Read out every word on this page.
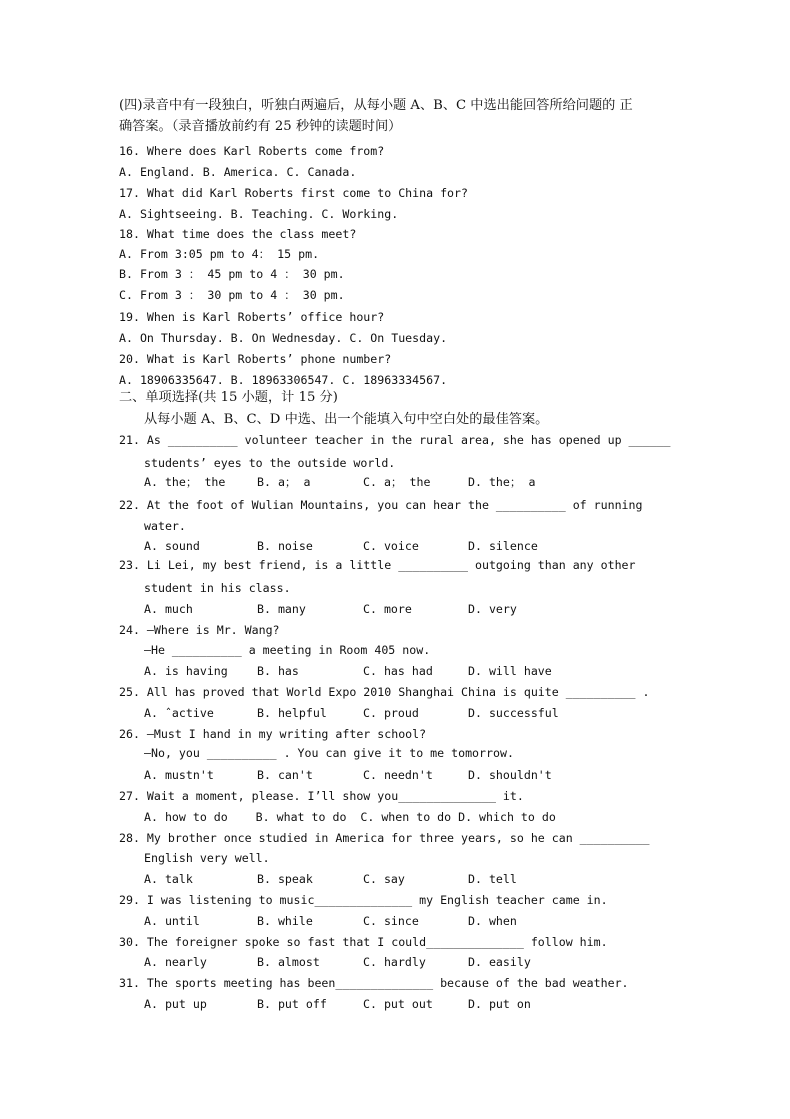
(四)录音中有一段独白，听独白两遍后，从每小题 A、B、C 中选出能回答所给问题的 正
确答案。（录音播放前约有 25 秒钟的读题时间）
16. Where does Karl Roberts come from?
A. England. B. America. C. Canada.
17. What did Karl Roberts first come to China for?
A. Sightseeing. B. Teaching. C. Working.
18. What time does the class meet?
A. From 3:05 pm to 4： 15 pm.
B. From 3 ： 45 pm to 4 ： 30 pm.
C. From 3 ： 30 pm to 4 ： 30 pm.
19. When is Karl Roberts’ office hour?
A. On Thursday. B. On Wednesday. C. On Tuesday.
20. What is Karl Roberts’ phone number?
A. 18906335647. B. 18963306547. C. 18963334567.
二、单项选择(共 15 小题，计 15 分)
从每小题 A、B、C、D 中选、出一个能填入句中空白处的最佳答案。
21. As __________ volunteer teacher in the rural area, she has opened up ______
students’ eyes to the outside world.

A. the； the

	B. a； a

	C. a； the

	D. the； a

22. At the foot of Wulian Mountains, you can hear the __________ of running
water.

A. sound

	B. noise

	C. voice

	D. silence

23. Li Lei, my best friend, is a little __________ outgoing than any other
student in his class.

A. much

	B. many

	C. more

	D. very

24. —Where is Mr. Wang?
—He __________ a meeting in Room 405 now.

A. is having

	B. has

	C. has had

	D. will have

25. All has proved that World Expo 2010 Shanghai China is quite __________ .

A. ˆactive

	B. helpful

	C. proud

	D. successful

26. —Must I hand in my writing after school?
—No, you __________ . You can give it to me tomorrow.

A. mustn't

	B. can't

	C. needn't

	D. shouldn't

27. Wait a moment, please. I’ll show you______________ it.
A. how to do    B. what to do  C. when to do D. which to do
28. My brother once studied in America for three years, so he can __________
English very well.

A. talk

	B. speak

	C. say

	D. tell

29. I was listening to music______________ my English teacher came in.

A. until

	B. while

	C. since

	D. when

30. The foreigner spoke so fast that I could______________ follow him.

A. nearly

	B. almost

	C. hardly

	D. easily

31. The sports meeting has been______________ because of the bad weather.

A. put up

	B. put off

	C. put out

	D. put on
